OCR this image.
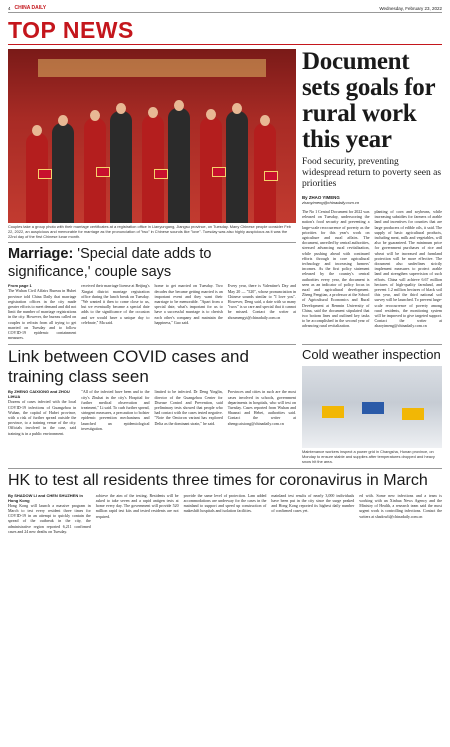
4 CHINA DAILY	Wednesday, February 23, 2022
TOP NEWS
Couples take a group photo with their marriage certificates at a registration office in Lianyungang, Jiangsu province, on Tuesday. Many Chinese people consider Feb 22, 2022, an auspicious and memorable for marriage as the pronunciation of "two" in Chinese sounds like "love". Tuesday was also highly auspicious as it was the 22nd day of the first Chinese lunar month.
Marriage: 'Special date adds to significance,' couple says
From page 1
The Wuhan Civil Affairs Bureau in Hubei province told China Daily that marriage registration offices in the city made greater efforts to meet demand and did not limit the number of marriage registrations in the city. However, the bureau called on couples to refrain from all trying to get married on Tuesday and to follow COVID-19 epidemic containment measures.
received their marriage license at Beijing's Xingtai district marriage registration office during the lunch break on Tuesday. "We wanted it then to come close to us, but we eventually became a special date adds to the significance of the occasion and we would have a unique day to celebrate," Ma said.
home to get married on Tuesday. Two decades due became getting married is an important event and they want their marriage to be memorable. "Apart from a special date, what's important for us to have a successful marriage is to cherish each other's company and maintain the happiness," Guo said.
Every year, there is Valentine's Day and May 20 — "520", whose pronunciation in Chinese sounds similar to "I love you". However, Deng said, a date with so many "twos" is so rare and special that it cannot be missed. Contact the writer at zhoumengyi@chinadaily.com.cn
Document sets goals for rural work this year
Food security, preventing widespread return to poverty seen as priorities
By ZHAO YIMENG
zhaoyimeng@chinadaily.com.cn
The No 1 Central Document for 2022 was released on Tuesday, underscoring the nation's food security and preventing a large-scale reoccurrence of poverty as the priorities for this year's work on agriculture and rural affairs. The document, unveiled by central authorities, stressed advancing rural revitalization, while pushing ahead with continued efforts through in core agricultural technology and increasing farmers' incomes. As the first policy statement released by the country's central authorities every year, the document is seen as an indicator of policy focus in rural and agricultural development. Zheng Fengtian, a professor at the School of Agricultural Economics and Rural Development at Renmin University of China, said the document stipulated that two bottom lines and outlined key tasks to be accomplished in the second year of advancing rural revitalization.
planting of corn and soybeans, while increasing subsidies for farmers of arable land and incentives for counties that are large producers of edible oils, it said. The supply of basic agricultural products, including meat, milk and vegetables, will also be guaranteed. The minimum price for government purchases of rice and wheat will be increased and farmland protection will be more effective. The document also underlines strictly implement measures to protect arable land and strengthen supervision of such efforts. China will achieve 6.67 million hectares of high-quality farmland, and prevent 1.2 million hectares of black soil this year, and the third national soil survey will be launched. To prevent large-scale reoccurrence of poverty among rural residents, the monitoring system will be improved to give targeted support. Contact the writer at zhaoyimeng@chinadaily.com.cn
Link between COVID cases and training class seen
By ZHENG CAIXIONG and ZHOU LIHUA
Dozens of cases infected with the local COVID-19 infections of Guangzhou in Wuhan, the capital of Hubei province, with a risk of further spread outside the province, to a training venue of the city. Officials involved in the case, said training is in a public environment.
"All of the infected have been and to the city's Zhuhai in the city's Hospital for further medical observation and treatment," Li said. To curb further spread, stringent measures, a precaution to bolster epidemic prevention mechanisms and launched an epidemiological investigation.
limited to be infected. Dr Deng Yinglin, director of the Guangzhou Center for Disease Control and Prevention, said preliminary tests showed that people who had contact with the cases tested negative. "Note the Omicron variant has explored Delta as the dominant strain," he said.
Provinces and cities in such are the most cases involved in schools, government departments in hospitals, who will test on Tuesday. Cases reported from Wuhan and Shaanxi and Hebei, authorities said. Contact the writer at zhengcaixiong@chinadaily.com.cn
Cold weather inspection
Maintenance workers inspect a power grid in Changsha, Hunan province, on Monday to ensure stable and supplies after temperatures dropped and heavy snow hit the area.
HK to test all residents three times for coronavirus in March
By SHADOW LI and CHEN SHUZHEN in Hong Kong
Hong Kong will launch a massive program in March to test every resident three times for COVID-19 in an attempt to quickly contain the spread of the outbreak in the city, the administrative region reported 6,211 confirmed cases and 24 new deaths on Tuesday.
achieve the aim of the testing. Residents will be asked to take seven and a rapid antigen tests at home every day. The government will provide 520 million rapid test kits and tested residents are not required.
provide the same level of protection. Lam added accommodations are underway for the cases in the mainland to support and speed up construction of makeshift hospitals and isolation facilities.
mainland test results of nearly 3,000 individuals have been put in the city since the surge peaked and Hong Kong reported its highest daily number of confirmed cases yet.
ed with. Some new infections and a team is working with an Xinhua News Agency and the Ministry of Health, a research team said the most urgent work is controlling infections. Contact the writers at shadowli@chinadaily.com.cn
